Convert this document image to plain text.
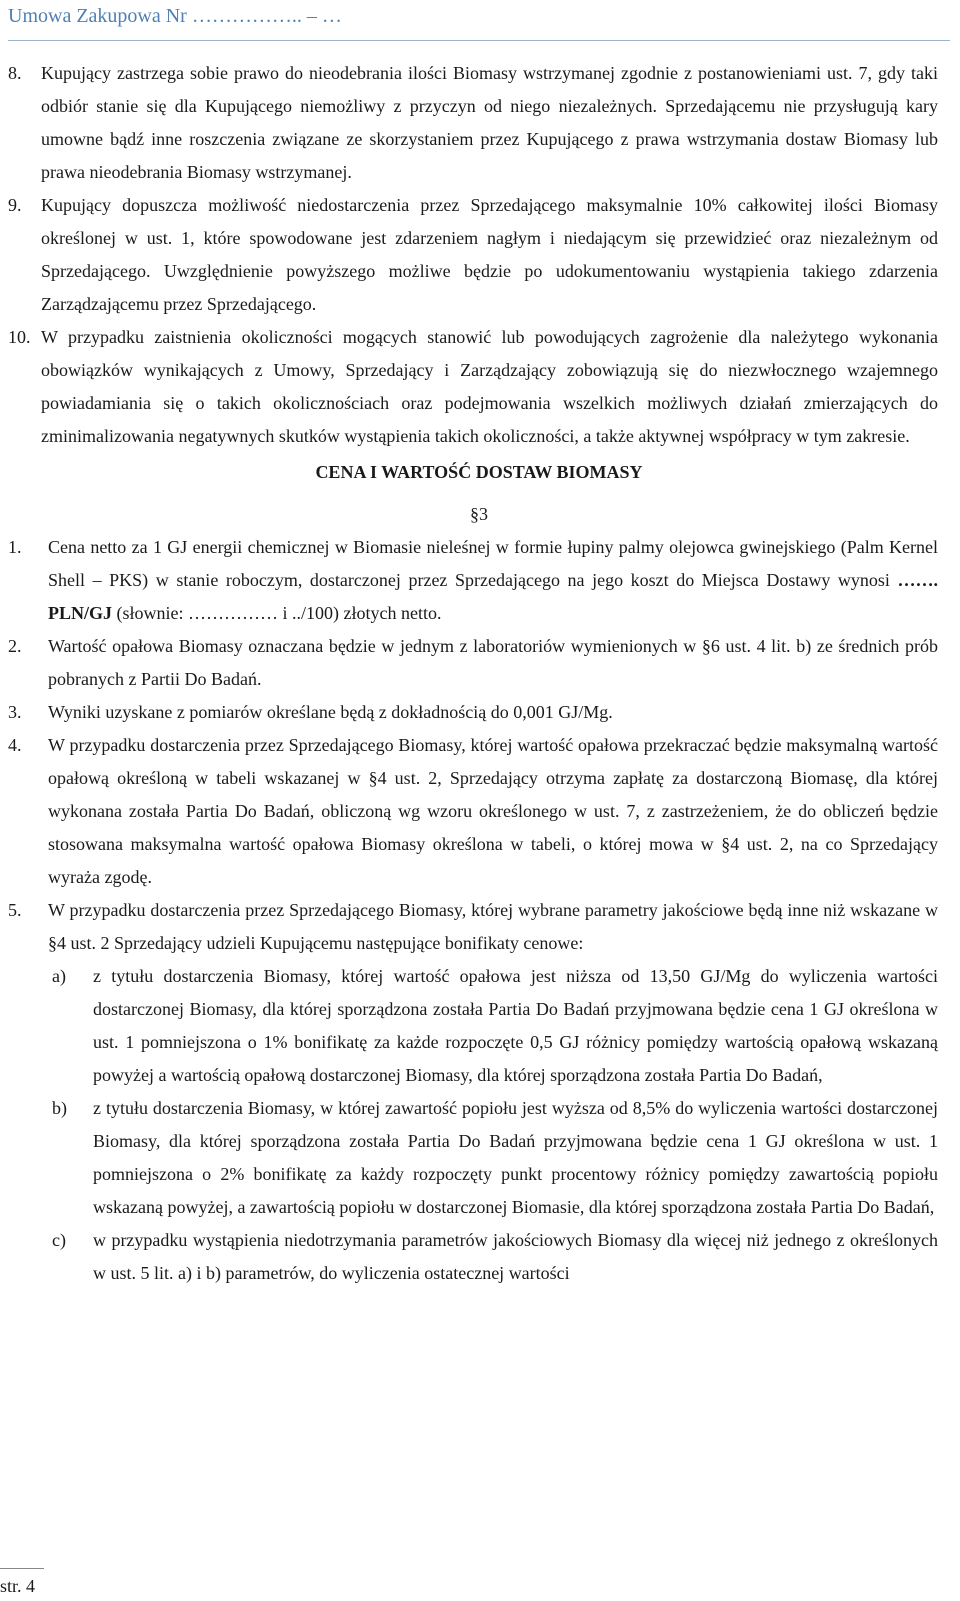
Umowa Zakupowa Nr …………….. – …
8. Kupujący zastrzega sobie prawo do nieodebrania ilości Biomasy wstrzymanej zgodnie z postanowieniami ust. 7, gdy taki odbiór stanie się dla Kupującego niemożliwy z przyczyn od niego niezależnych. Sprzedającemu nie przysługują kary umowne bądź inne roszczenia związane ze skorzystaniem przez Kupującego z prawa wstrzymania dostaw Biomasy lub prawa nieodebrania Biomasy wstrzymanej.
9. Kupujący dopuszcza możliwość niedostarczenia przez Sprzedającego maksymalnie 10% całkowitej ilości Biomasy określonej w ust. 1, które spowodowane jest zdarzeniem nagłym i niedającym się przewidzieć oraz niezależnym od Sprzedającego. Uwzględnienie powyższego możliwe będzie po udokumentowaniu wystąpienia takiego zdarzenia Zarządzającemu przez Sprzedającego.
10. W przypadku zaistnienia okoliczności mogących stanowić lub powodujących zagrożenie dla należytego wykonania obowiązków wynikających z Umowy, Sprzedający i Zarządzający zobowiązują się do niezwłocznego wzajemnego powiadamiania się o takich okolicznościach oraz podejmowania wszelkich możliwych działań zmierzających do zminimalizowania negatywnych skutków wystąpienia takich okoliczności, a także aktywnej współpracy w tym zakresie.
CENA I WARTOŚĆ DOSTAW BIOMASY
§3
1. Cena netto za 1 GJ energii chemicznej w Biomasie nieleśnej w formie łupiny palmy olejowca gwinejskiego (Palm Kernel Shell – PKS) w stanie roboczym, dostarczonej przez Sprzedającego na jego koszt do Miejsca Dostawy wynosi ……. PLN/GJ (słownie: …………… i ../100) złotych netto.
2. Wartość opałowa Biomasy oznaczana będzie w jednym z laboratoriów wymienionych w §6 ust. 4 lit. b) ze średnich prób pobranych z Partii Do Badań.
3. Wyniki uzyskane z pomiarów określane będą z dokładnością do 0,001 GJ/Mg.
4. W przypadku dostarczenia przez Sprzedającego Biomasy, której wartość opałowa przekraczać będzie maksymalną wartość opałową określoną w tabeli wskazanej w §4 ust. 2, Sprzedający otrzyma zapłatę za dostarczoną Biomasę, dla której wykonana została Partia Do Badań, obliczoną wg wzoru określonego w ust. 7, z zastrzeżeniem, że do obliczeń będzie stosowana maksymalna wartość opałowa Biomasy określona w tabeli, o której mowa w §4 ust. 2, na co Sprzedający wyraża zgodę.
5. W przypadku dostarczenia przez Sprzedającego Biomasy, której wybrane parametry jakościowe będą inne niż wskazane w §4 ust. 2 Sprzedający udzieli Kupującemu następujące bonifikaty cenowe:
a) z tytułu dostarczenia Biomasy, której wartość opałowa jest niższa od 13,50 GJ/Mg do wyliczenia wartości dostarczonej Biomasy, dla której sporządzona została Partia Do Badań przyjmowana będzie cena 1 GJ określona w ust. 1 pomniejszona o 1% bonifikatę za każde rozpoczęte 0,5 GJ różnicy pomiędzy wartością opałową wskazaną powyżej a wartością opałową dostarczonej Biomasy, dla której sporządzona została Partia Do Badań,
b) z tytułu dostarczenia Biomasy, w której zawartość popiołu jest wyższa od 8,5% do wyliczenia wartości dostarczonej Biomasy, dla której sporządzona została Partia Do Badań przyjmowana będzie cena 1 GJ określona w ust. 1 pomniejszona o 2% bonifikatę za każdy rozpoczęty punkt procentowy różnicy pomiędzy zawartością popiołu wskazaną powyżej, a zawartością popiołu w dostarczonej Biomasie, dla której sporządzona została Partia Do Badań,
c) w przypadku wystąpienia niedotrzymania parametrów jakościowych Biomasy dla więcej niż jednego z określonych w ust. 5 lit. a) i b) parametrów, do wyliczenia ostatecznej wartości
str. 4
